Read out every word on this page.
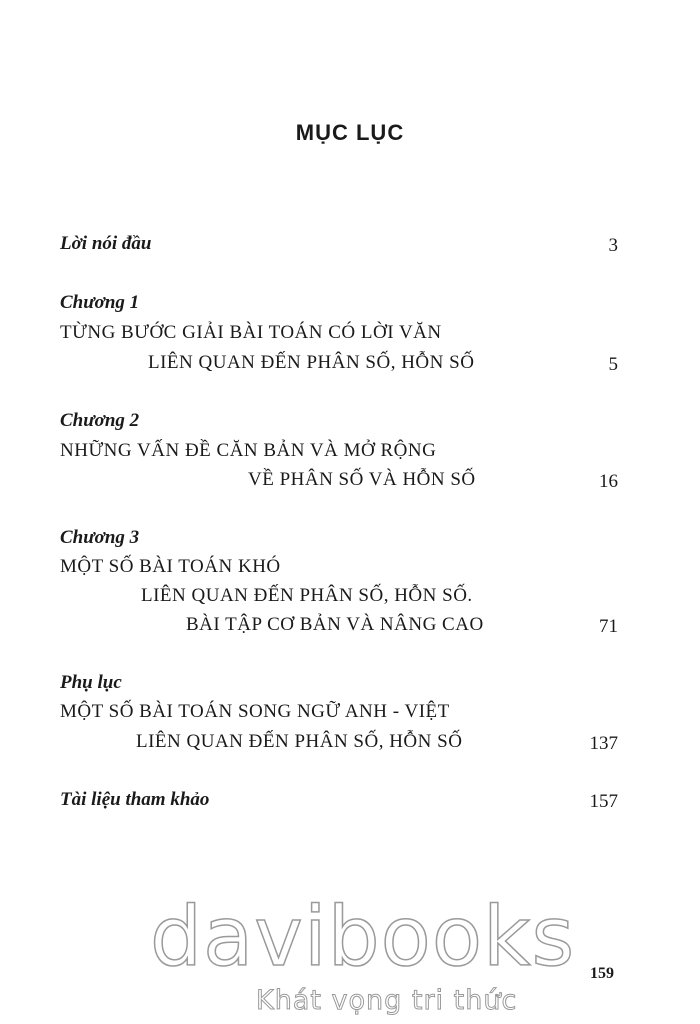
MỤC LỤC
Lời nói đầu	3
Chương 1
TỪNG BƯỚC GIẢI BÀI TOÁN CÓ LỜI VĂN
LIÊN QUAN ĐẾN PHÂN SỐ, HỖN SỐ	5
Chương 2
NHỮNG VẤN ĐỀ CĂN BẢN VÀ MỞ RỘNG
VỀ PHÂN SỐ VÀ HỖN SỐ	16
Chương 3
MỘT SỐ BÀI TOÁN KHÓ
LIÊN QUAN ĐẾN PHÂN SỐ, HỖN SỐ.
BÀI TẬP CƠ BẢN VÀ NÂNG CAO	71
Phụ lục
MỘT SỐ BÀI TOÁN SONG NGỮ ANH - VIỆT
LIÊN QUAN ĐẾN PHÂN SỐ, HỖN SỐ	137
Tài liệu tham khảo	157
davibooks
Khát vọng tri thức
159
